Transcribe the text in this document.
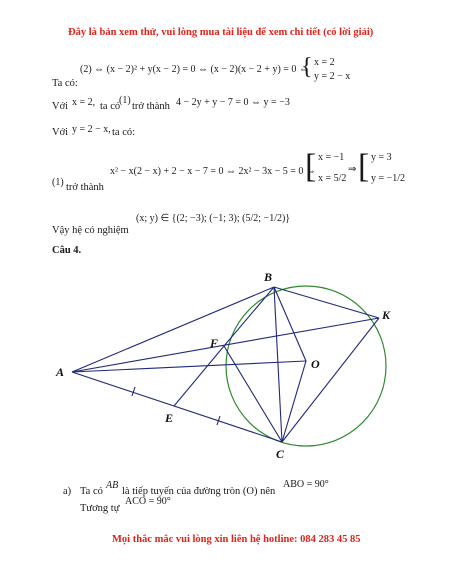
Đây là bản xem thử, vui lòng mua tài liệu để xem chi tiết (có lời giải)
(2) ⇔ (x − 2)² + y(x − 2) = 0 ⇔ (x − 2)(x − 2 + y) = 0 ⇔
{ x = 2
y = 2 − x
Ta có:
Với x = 2, ta có
(1)
trở thành 4 − 2y + y − 7 = 0 ⇔ y = −3
Với y = 2 − x, ta có:
x² − x(2 − x) + 2 − x − 7 = 0 ⇔ 2x² − 3x − 5 = 0 ⇔
[ x = −1
x = 5/2
⇒ [ y = 3
y = −1/2
(1) trở thành
(x; y) ∈ {(2; −3); (−1; 3); (5/2; −1/2)}
Vậy hệ có nghiệm
Câu 4.
A
B
K
F
O
E
C
a) Ta có
AB
là tiếp tuyến của đường tròn (O) nên
ABO = 90°
Tương tự
ACO = 90°
Mọi thắc mắc vui lòng xin liên hệ hotline: 084 283 45 85
